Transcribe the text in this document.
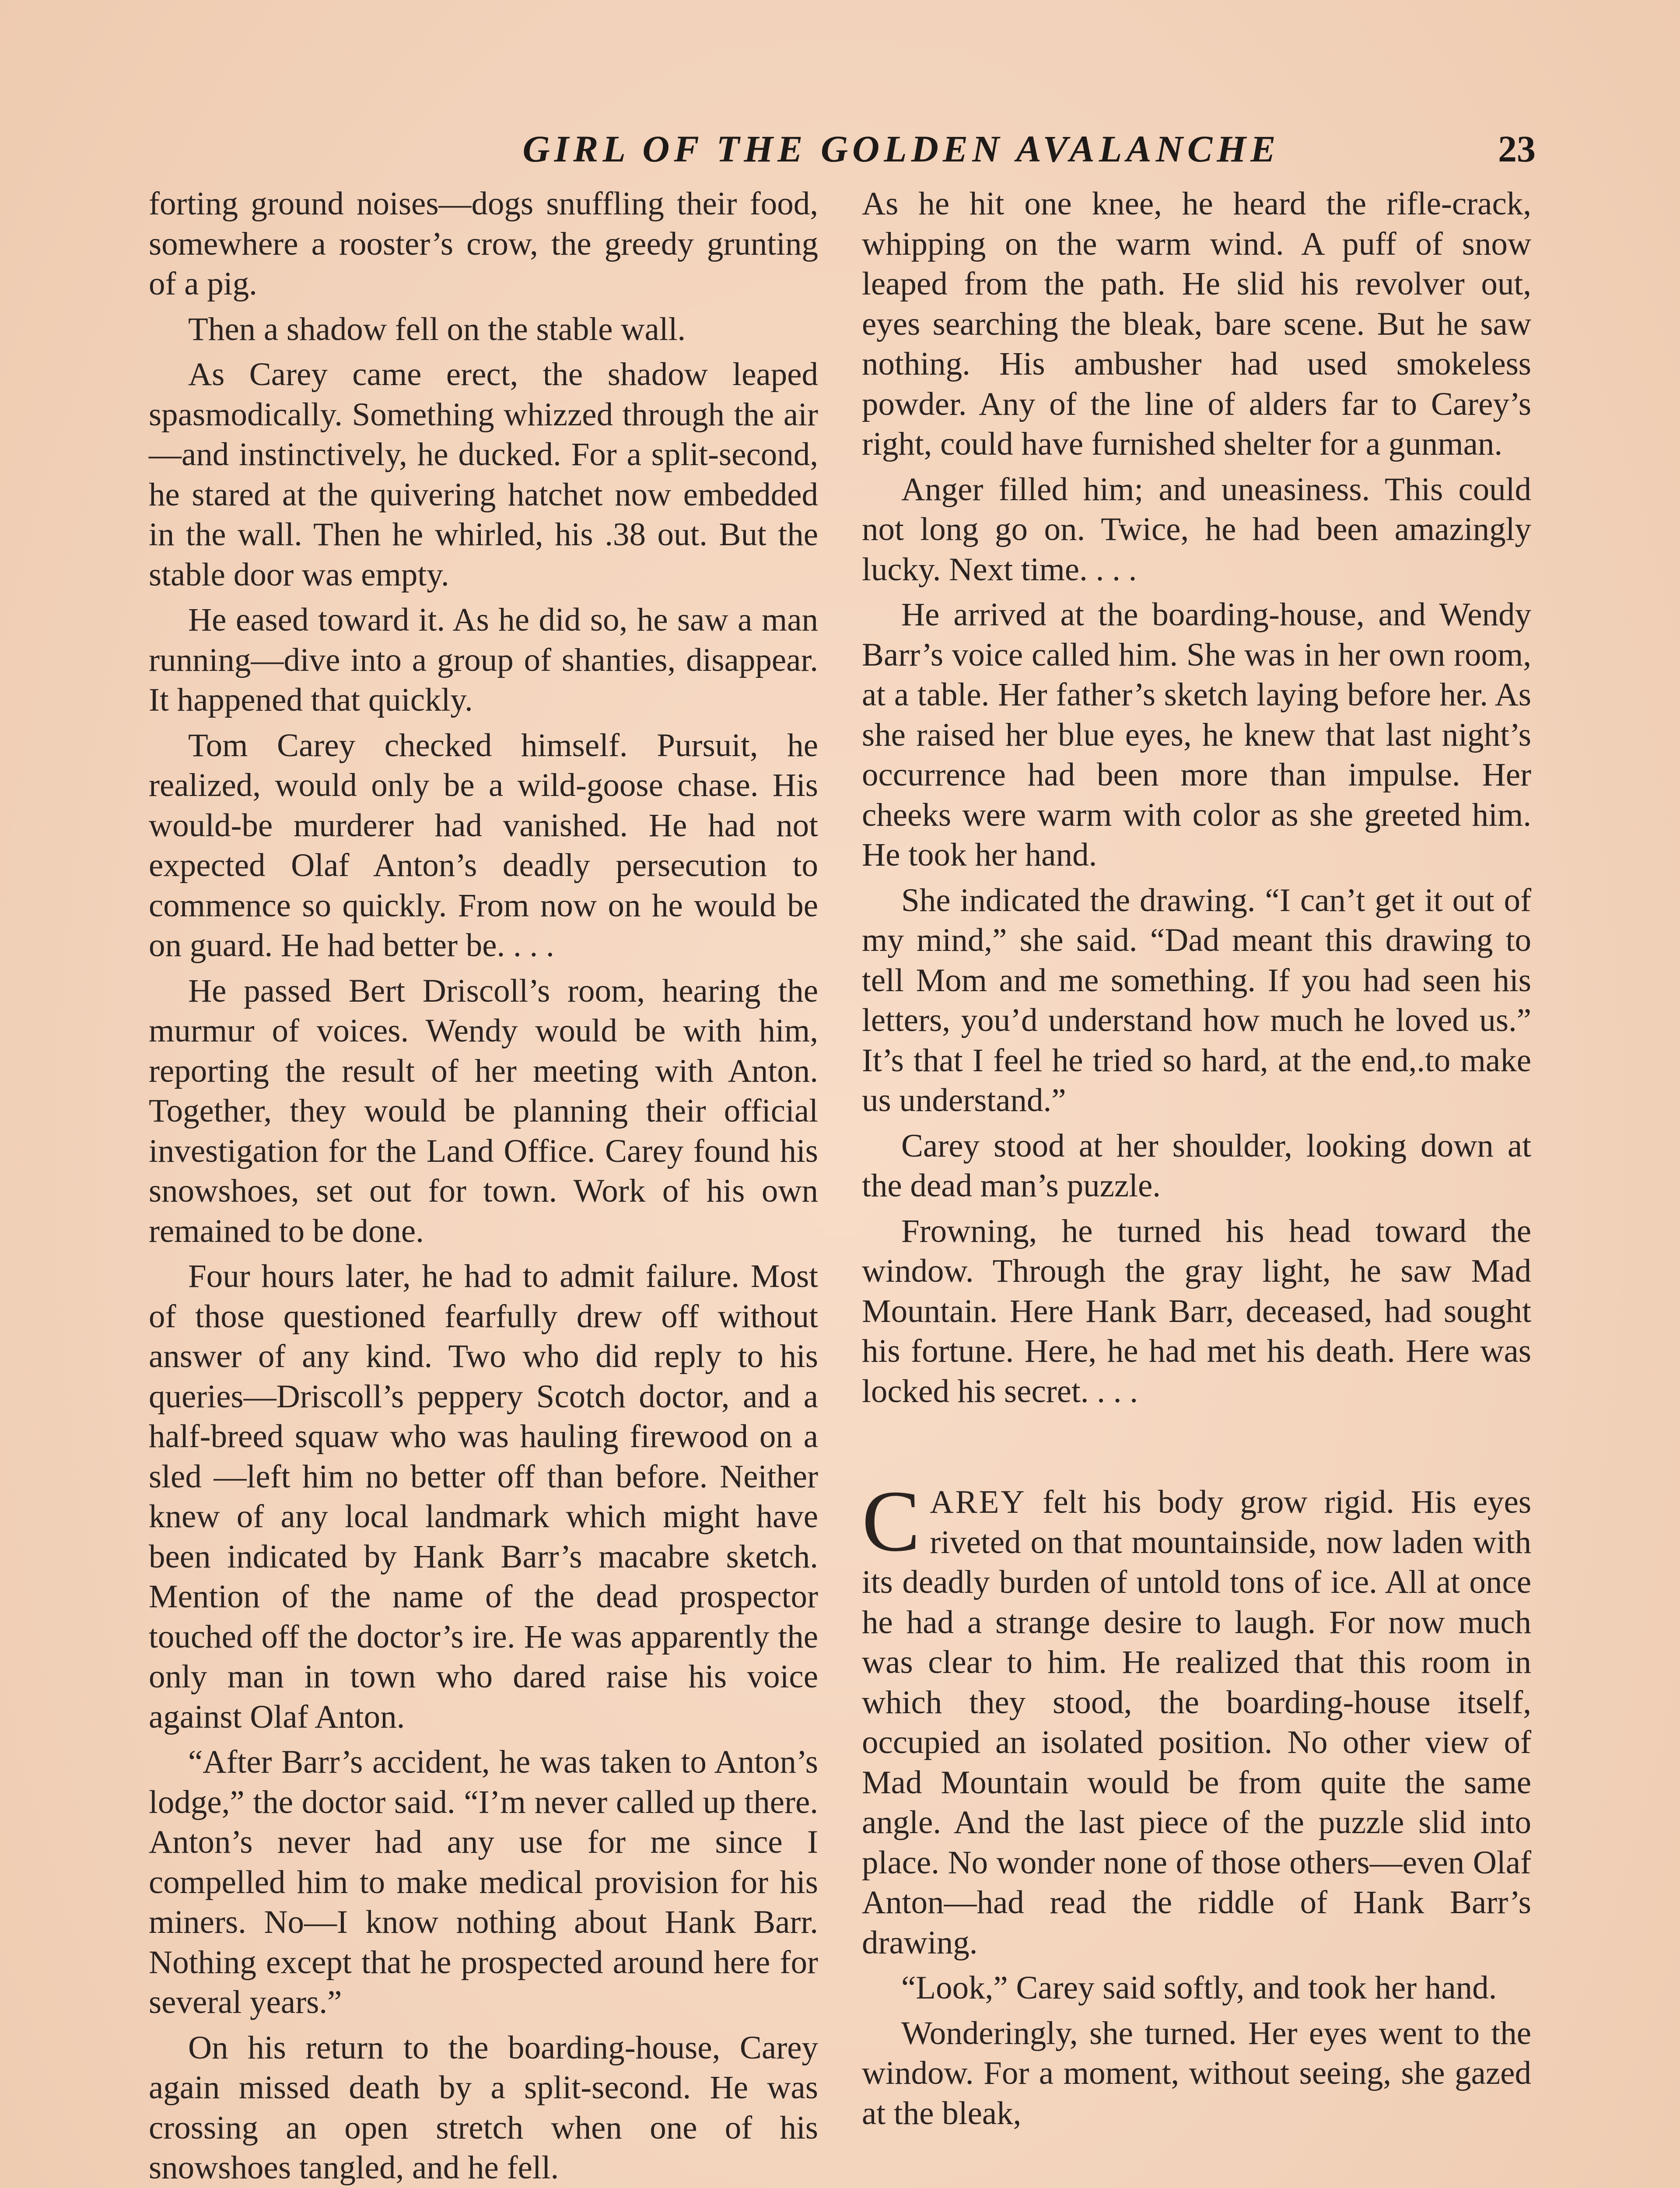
GIRL OF THE GOLDEN AVALANCHE	23

forting ground noises—dogs snuffling their food, somewhere a rooster’s crow, the greedy grunting of a pig.

Then a shadow fell on the stable wall.

As Carey came erect, the shadow leaped spasmodically. Something whizzed through the air—and instinctively, he ducked. For a split-second, he stared at the quivering hatchet now embedded in the wall. Then he whirled, his .38 out. But the stable door was empty.

He eased toward it. As he did so, he saw a man running—dive into a group of shanties, disappear. It happened that quickly.

Tom Carey checked himself. Pursuit, he realized, would only be a wild-goose chase. His would-be murderer had vanished. He had not expected Olaf Anton’s deadly persecution to commence so quickly. From now on he would be on guard. He had better be. . . .

He passed Bert Driscoll’s room, hearing the murmur of voices. Wendy would be with him, reporting the result of her meeting with Anton. Together, they would be planning their official investigation for the Land Office. Carey found his snowshoes, set out for town. Work of his own remained to be done.

Four hours later, he had to admit failure. Most of those questioned fearfully drew off without answer of any kind. Two who did reply to his queries—Driscoll’s peppery Scotch doctor, and a half-breed squaw who was hauling firewood on a sled —left him no better off than before. Neither knew of any local landmark which might have been indicated by Hank Barr’s macabre sketch. Mention of the name of the dead prospector touched off the doctor’s ire. He was apparently the only man in town who dared raise his voice against Olaf Anton.

“After Barr’s accident, he was taken to Anton’s lodge,” the doctor said. “I’m never called up there. Anton’s never had any use for me since I compelled him to make medical provision for his miners. No—I know nothing about Hank Barr. Nothing except that he prospected around here for several years.”

On his return to the boarding-house, Carey again missed death by a split-second. He was crossing an open stretch when one of his snowshoes tangled, and he fell.

As he hit one knee, he heard the rifle-crack, whipping on the warm wind. A puff of snow leaped from the path. He slid his revolver out, eyes searching the bleak, bare scene. But he saw nothing. His ambusher had used smokeless powder. Any of the line of alders far to Carey’s right, could have furnished shelter for a gunman.

Anger filled him; and uneasiness. This could not long go on. Twice, he had been amazingly lucky. Next time. . . .

He arrived at the boarding-house, and Wendy Barr’s voice called him. She was in her own room, at a table. Her father’s sketch laying before her. As she raised her blue eyes, he knew that last night’s occurrence had been more than impulse. Her cheeks were warm with color as she greeted him. He took her hand.

She indicated the drawing. “I can’t get it out of my mind,” she said. “Dad meant this drawing to tell Mom and me something. If you had seen his letters, you’d understand how much he loved us.” It’s that I feel he tried so hard, at the end,.to make us understand.”

Carey stood at her shoulder, looking down at the dead man’s puzzle.

Frowning, he turned his head toward the window. Through the gray light, he saw Mad Mountain. Here Hank Barr, deceased, had sought his fortune. Here, he had met his death. Here was locked his secret. . . .

CAREY felt his body grow rigid. His eyes riveted on that mountainside, now laden with its deadly burden of untold tons of ice. All at once he had a strange desire to laugh. For now much was clear to him. He realized that this room in which they stood, the boarding-house itself, occupied an isolated position. No other view of Mad Mountain would be from quite the same angle. And the last piece of the puzzle slid into place. No wonder none of those others—even Olaf Anton—had read the riddle of Hank Barr’s drawing.

“Look,” Carey said softly, and took her hand.

Wonderingly, she turned. Her eyes went to the window. For a moment, without seeing, she gazed at the bleak,
